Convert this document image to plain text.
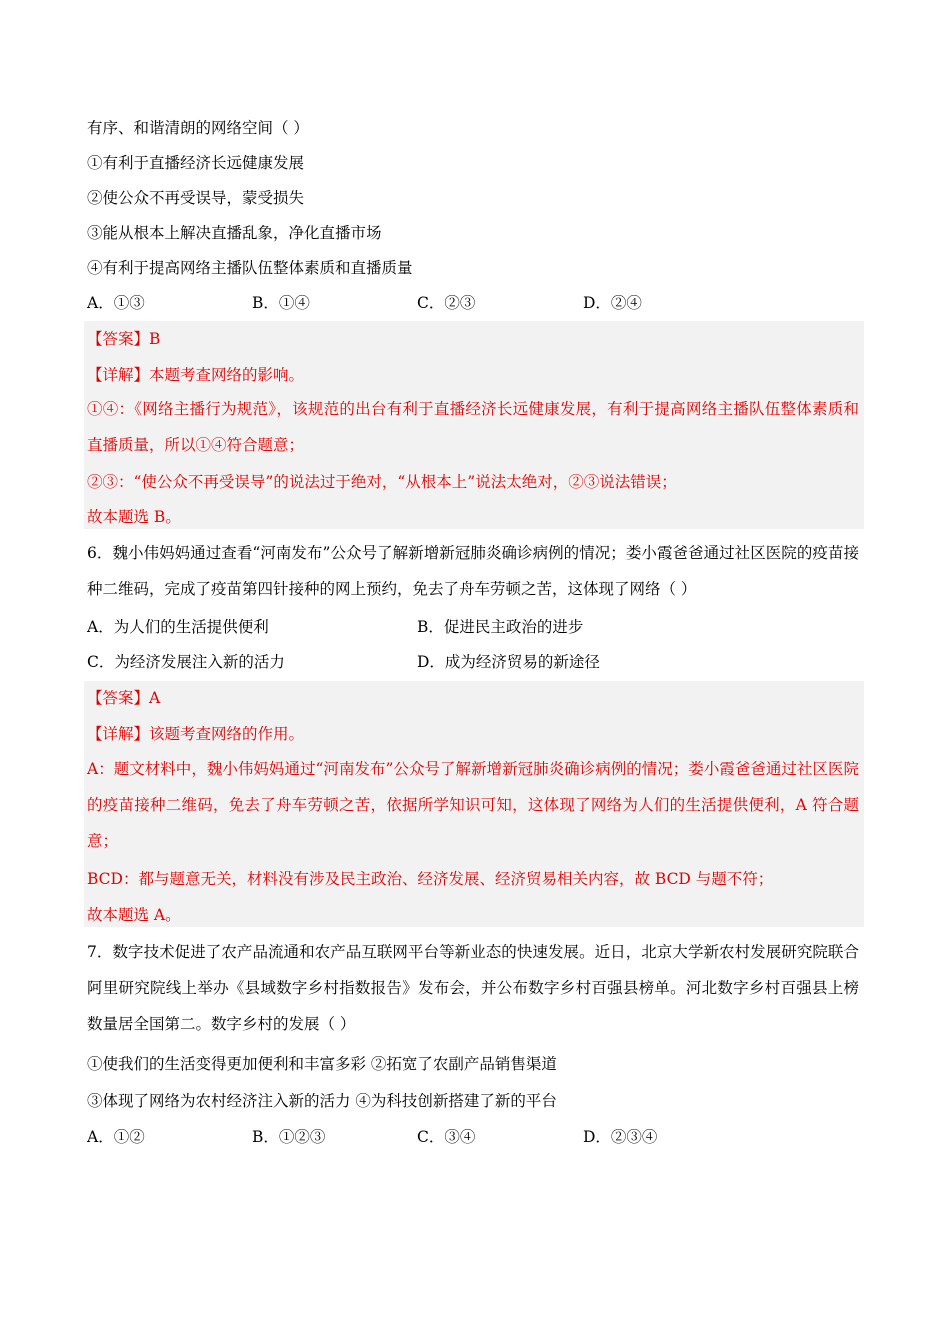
有序、和谐清朗的网络空间（ ）
①有利于直播经济长远健康发展
②使公众不再受误导，蒙受损失
③能从根本上解决直播乱象，净化直播市场
④有利于提高网络主播队伍整体素质和直播质量
A．①③	B．①④	C．②③	D．②④
【答案】B
【详解】本题考查网络的影响。
①④：《网络主播行为规范》，该规范的出台有利于直播经济长远健康发展，有利于提高网络主播队伍整体素质和直播质量，所以①④符合题意；
②③：“使公众不再受误导”的说法过于绝对，“从根本上”说法太绝对，②③说法错误；
故本题选 B。
6．魏小伟妈妈通过查看“河南发布”公众号了解新增新冠肺炎确诊病例的情况；娄小霞爸爸通过社区医院的疫苗接种二维码，完成了疫苗第四针接种的网上预约，免去了舟车劳顿之苦，这体现了网络（ ）
A．为人们的生活提供便利	B．促进民主政治的进步
C．为经济发展注入新的活力	D．成为经济贸易的新途径
【答案】A
【详解】该题考查网络的作用。
A：题文材料中，魏小伟妈妈通过“河南发布”公众号了解新增新冠肺炎确诊病例的情况；娄小霞爸爸通过社区医院的疫苗接种二维码，免去了舟车劳顿之苦，依据所学知识可知，这体现了网络为人们的生活提供便利，A 符合题意；
BCD：都与题意无关，材料没有涉及民主政治、经济发展、经济贸易相关内容，故 BCD 与题不符；
故本题选 A。
7．数字技术促进了农产品流通和农产品互联网平台等新业态的快速发展。近日，北京大学新农村发展研究院联合阿里研究院线上举办《县域数字乡村指数报告》发布会，并公布数字乡村百强县榜单。河北数字乡村百强县上榜数量居全国第二。数字乡村的发展（ ）
①使我们的生活变得更加便利和丰富多彩 ②拓宽了农副产品销售渠道
③体现了网络为农村经济注入新的活力 ④为科技创新搭建了新的平台
A．①②	B．①②③	C．③④	D．②③④
